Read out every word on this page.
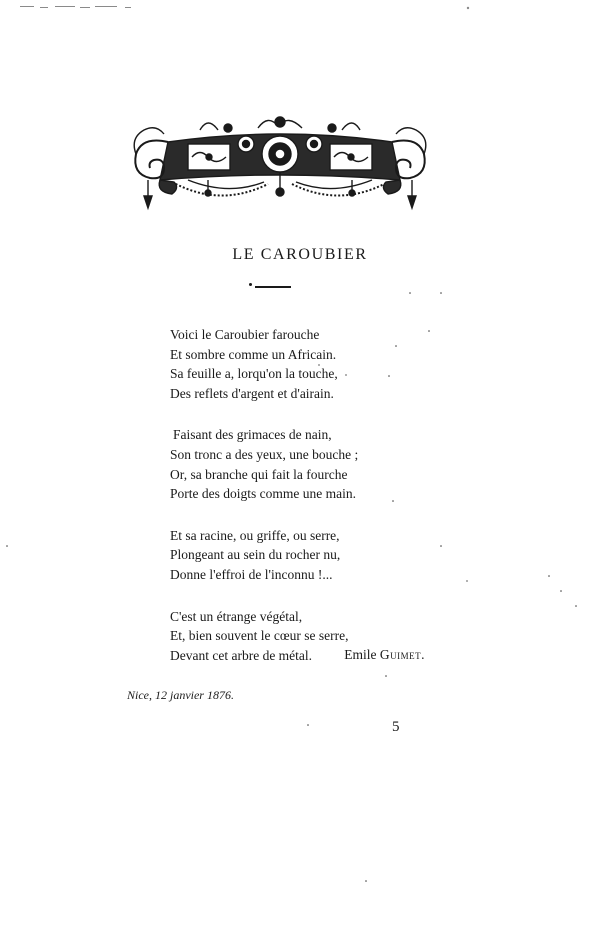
LE CAROUBIER
Voici le Caroubier farouche
Et sombre comme un Africain.
Sa feuille a, lorqu'on la touche,
Des reflets d'argent et d'airain.
Faisant des grimaces de nain,
Son tronc a des yeux, une bouche ;
Or, sa branche qui fait la fourche
Porte des doigts comme une main.
Et sa racine, ou griffe, ou serre,
Plongeant au sein du rocher nu,
Donne l'effroi de l'inconnu !...
C'est un étrange végétal,
Et, bien souvent le cœur se serre,
Devant cet arbre de métal.	Emile Guimet.
Nice, 12 janvier 1876.
5
